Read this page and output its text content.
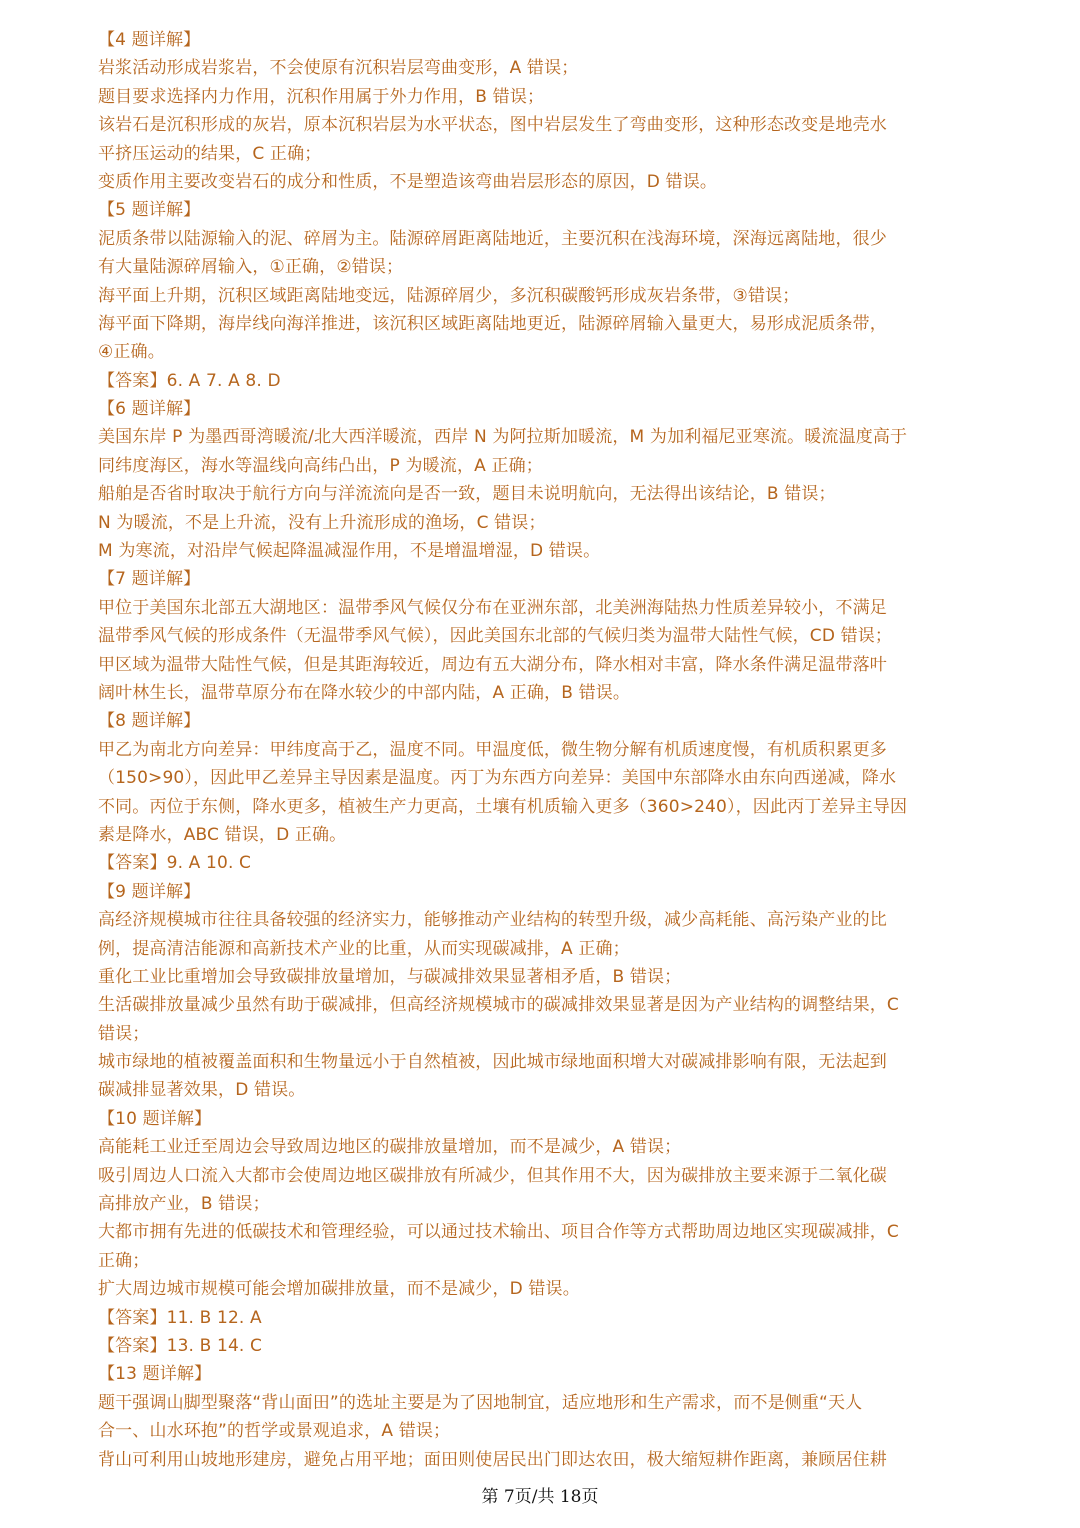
【4 题详解】
岩浆活动形成岩浆岩，不会使原有沉积岩层弯曲变形，A 错误；
题目要求选择内力作用，沉积作用属于外力作用，B 错误；
该岩石是沉积形成的灰岩，原本沉积岩层为水平状态，图中岩层发生了弯曲变形，这种形态改变是地壳水
平挤压运动的结果，C 正确；
变质作用主要改变岩石的成分和性质，不是塑造该弯曲岩层形态的原因，D 错误。
【5 题详解】
泥质条带以陆源输入的泥、碎屑为主。陆源碎屑距离陆地近，主要沉积在浅海环境，深海远离陆地，很少
有大量陆源碎屑输入，①正确，②错误；
海平面上升期，沉积区域距离陆地变远，陆源碎屑少，多沉积碳酸钙形成灰岩条带，③错误；
海平面下降期，海岸线向海洋推进，该沉积区域距离陆地更近，陆源碎屑输入量更大，易形成泥质条带，
④正确。
【答案】6. A 7. A 8. D
【6 题详解】
美国东岸 P 为墨西哥湾暖流/北大西洋暖流，西岸 N 为阿拉斯加暖流，M 为加利福尼亚寒流。暖流温度高于
同纬度海区，海水等温线向高纬凸出，P 为暖流，A 正确；
船舶是否省时取决于航行方向与洋流流向是否一致，题目未说明航向，无法得出该结论，B 错误；
N 为暖流，不是上升流，没有上升流形成的渔场，C 错误；
M 为寒流，对沿岸气候起降温减湿作用，不是增温增湿，D 错误。
【7 题详解】
甲位于美国东北部五大湖地区：温带季风气候仅分布在亚洲东部，北美洲海陆热力性质差异较小，不满足
温带季风气候的形成条件（无温带季风气候），因此美国东北部的气候归类为温带大陆性气候，CD 错误；
甲区域为温带大陆性气候，但是其距海较近，周边有五大湖分布，降水相对丰富，降水条件满足温带落叶
阔叶林生长，温带草原分布在降水较少的中部内陆，A 正确，B 错误。
【8 题详解】
甲乙为南北方向差异：甲纬度高于乙，温度不同。甲温度低，微生物分解有机质速度慢，有机质积累更多
（150>90），因此甲乙差异主导因素是温度。丙丁为东西方向差异：美国中东部降水由东向西递减，降水
不同。丙位于东侧，降水更多，植被生产力更高，土壤有机质输入更多（360>240），因此丙丁差异主导因
素是降水，ABC 错误，D 正确。
【答案】9. A 10. C
【9 题详解】
高经济规模城市往往具备较强的经济实力，能够推动产业结构的转型升级，减少高耗能、高污染产业的比
例，提高清洁能源和高新技术产业的比重，从而实现碳减排，A 正确；
重化工业比重增加会导致碳排放量增加，与碳减排效果显著相矛盾，B 错误；
生活碳排放量减少虽然有助于碳减排，但高经济规模城市的碳减排效果显著是因为产业结构的调整结果，C
错误；
城市绿地的植被覆盖面积和生物量远小于自然植被，因此城市绿地面积增大对碳减排影响有限，无法起到
碳减排显著效果，D 错误。
【10 题详解】
高能耗工业迁至周边会导致周边地区的碳排放量增加，而不是减少，A 错误；
吸引周边人口流入大都市会使周边地区碳排放有所减少，但其作用不大，因为碳排放主要来源于二氧化碳
高排放产业，B 错误；
大都市拥有先进的低碳技术和管理经验，可以通过技术输出、项目合作等方式帮助周边地区实现碳减排，C
正确；
扩大周边城市规模可能会增加碳排放量，而不是减少，D 错误。
【答案】11. B 12. A
【答案】13. B 14. C
【13 题详解】
题干强调山脚型聚落“背山面田”的选址主要是为了因地制宜，适应地形和生产需求，而不是侧重“天人
合一、山水环抱”的哲学或景观追求，A 错误；
背山可利用山坡地形建房，避免占用平地；面田则使居民出门即达农田，极大缩短耕作距离，兼顾居住耕
第 7页/共 18页
